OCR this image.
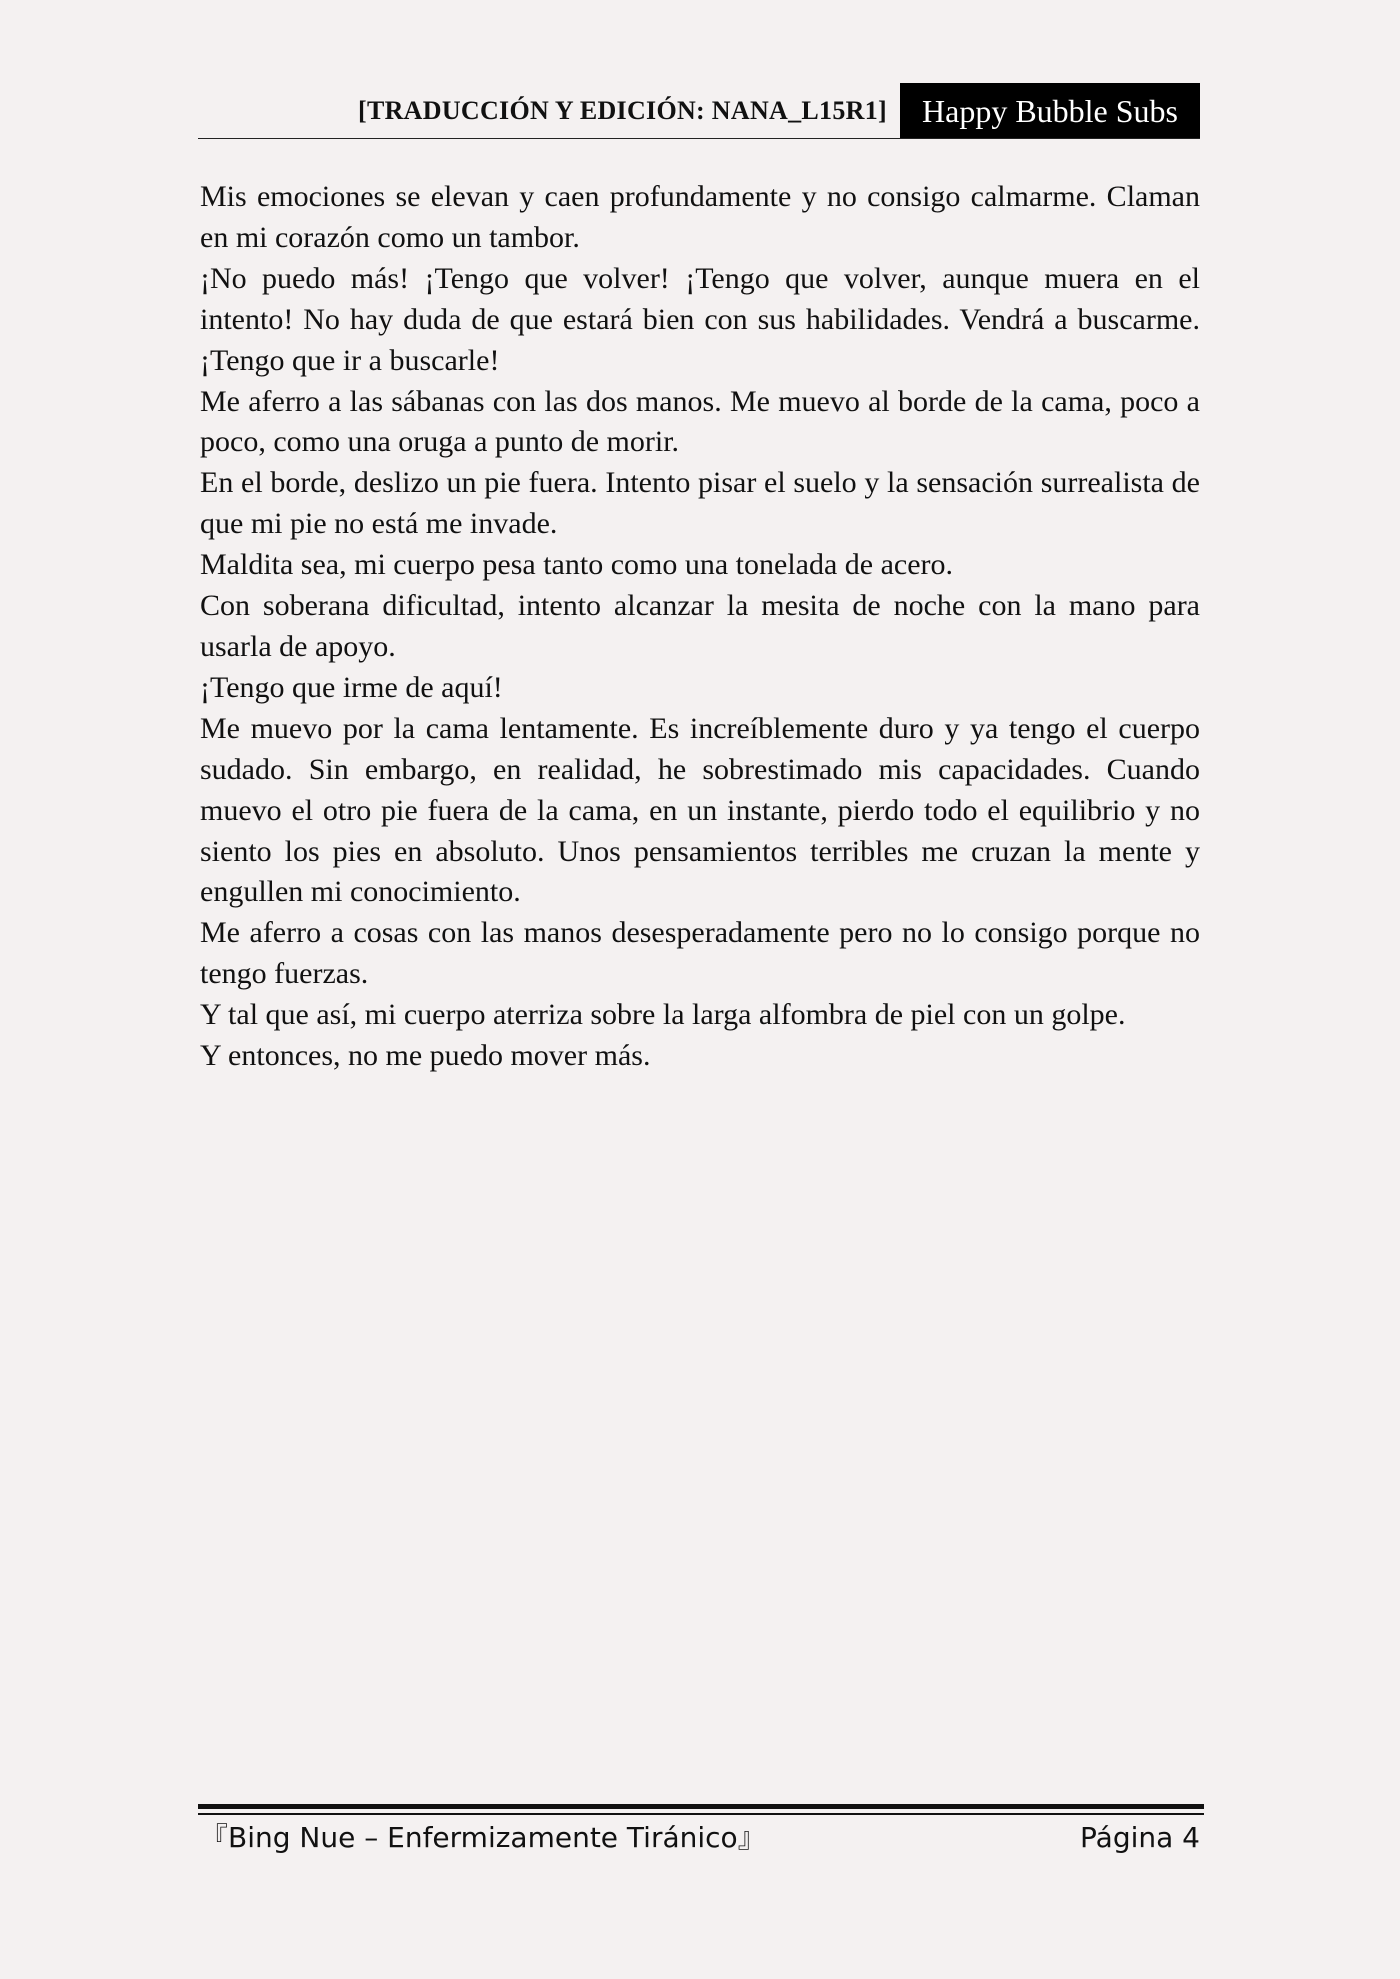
[TRADUCCIÓN Y EDICIÓN: NANA_L15R1]	Happy Bubble Subs

Mis emociones se elevan y caen profundamente y no consigo calmarme. Claman en mi corazón como un tambor.

¡No puedo más! ¡Tengo que volver! ¡Tengo que volver, aunque muera en el intento! No hay duda de que estará bien con sus habilidades. Vendrá a buscarme. ¡Tengo que ir a buscarle!

Me aferro a las sábanas con las dos manos. Me muevo al borde de la cama, poco a poco, como una oruga a punto de morir.

En el borde, deslizo un pie fuera. Intento pisar el suelo y la sensación surrealista de que mi pie no está me invade.

Maldita sea, mi cuerpo pesa tanto como una tonelada de acero.

Con soberana dificultad, intento alcanzar la mesita de noche con la mano para usarla de apoyo.

¡Tengo que irme de aquí!

Me muevo por la cama lentamente. Es increíblemente duro y ya tengo el cuerpo sudado. Sin embargo, en realidad, he sobrestimado mis capacidades. Cuando muevo el otro pie fuera de la cama, en un instante, pierdo todo el equilibrio y no siento los pies en absoluto. Unos pensamientos terribles me cruzan la mente y engullen mi conocimiento.

Me aferro a cosas con las manos desesperadamente pero no lo consigo porque no tengo fuerzas.

Y tal que así, mi cuerpo aterriza sobre la larga alfombra de piel con un golpe.

Y entonces, no me puedo mover más.

『Bing Nue – Enfermizamente Tiránico』	Página 4
